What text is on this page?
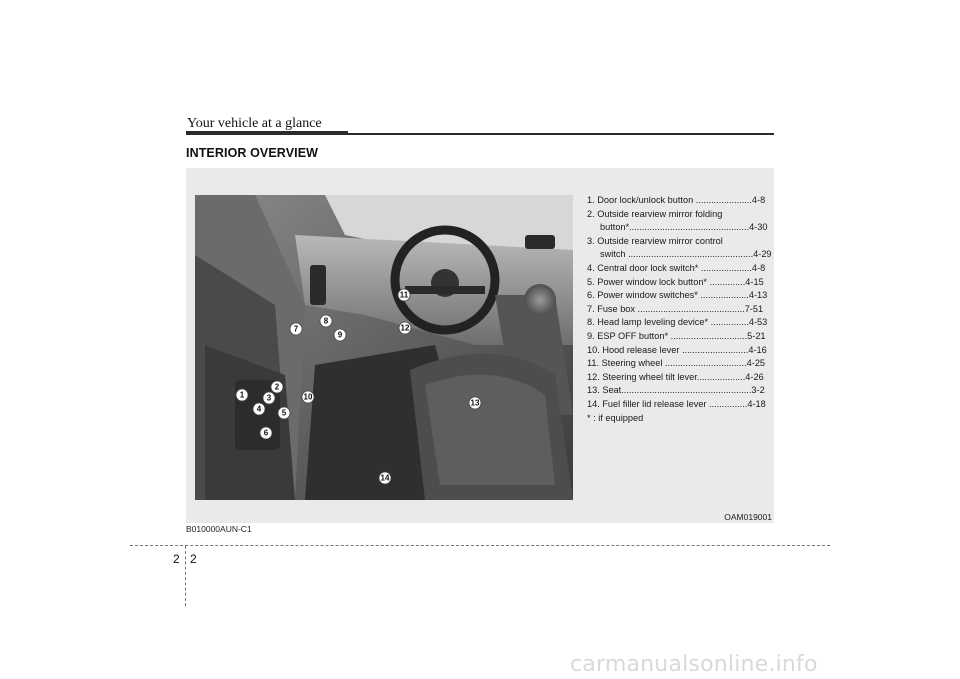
Your vehicle at a glance
INTERIOR OVERVIEW
1
2
3
4	5
6
7
8
9
10
11
12
13
14
1. Door lock/unlock button ......................4-8
2. Outside rearview mirror folding
button*...............................................4-30
3. Outside rearview mirror control
switch .................................................4-29
4. Central door lock switch* ....................4-8
5. Power window lock button* ..............4-15
6. Power window switches* ...................4-13
7. Fuse box ..........................................7-51
8. Head lamp leveling device* ...............4-53
9. ESP OFF button* ..............................5-21
10. Hood release lever ..........................4-16
11. Steering wheel ................................4-25
12. Steering wheel tilt lever...................4-26
13. Seat...................................................3-2
14. Fuel filler lid release lever ...............4-18
* : if equipped
OAM019001
B010000AUN-C1
2 2
carmanualsonline.info
